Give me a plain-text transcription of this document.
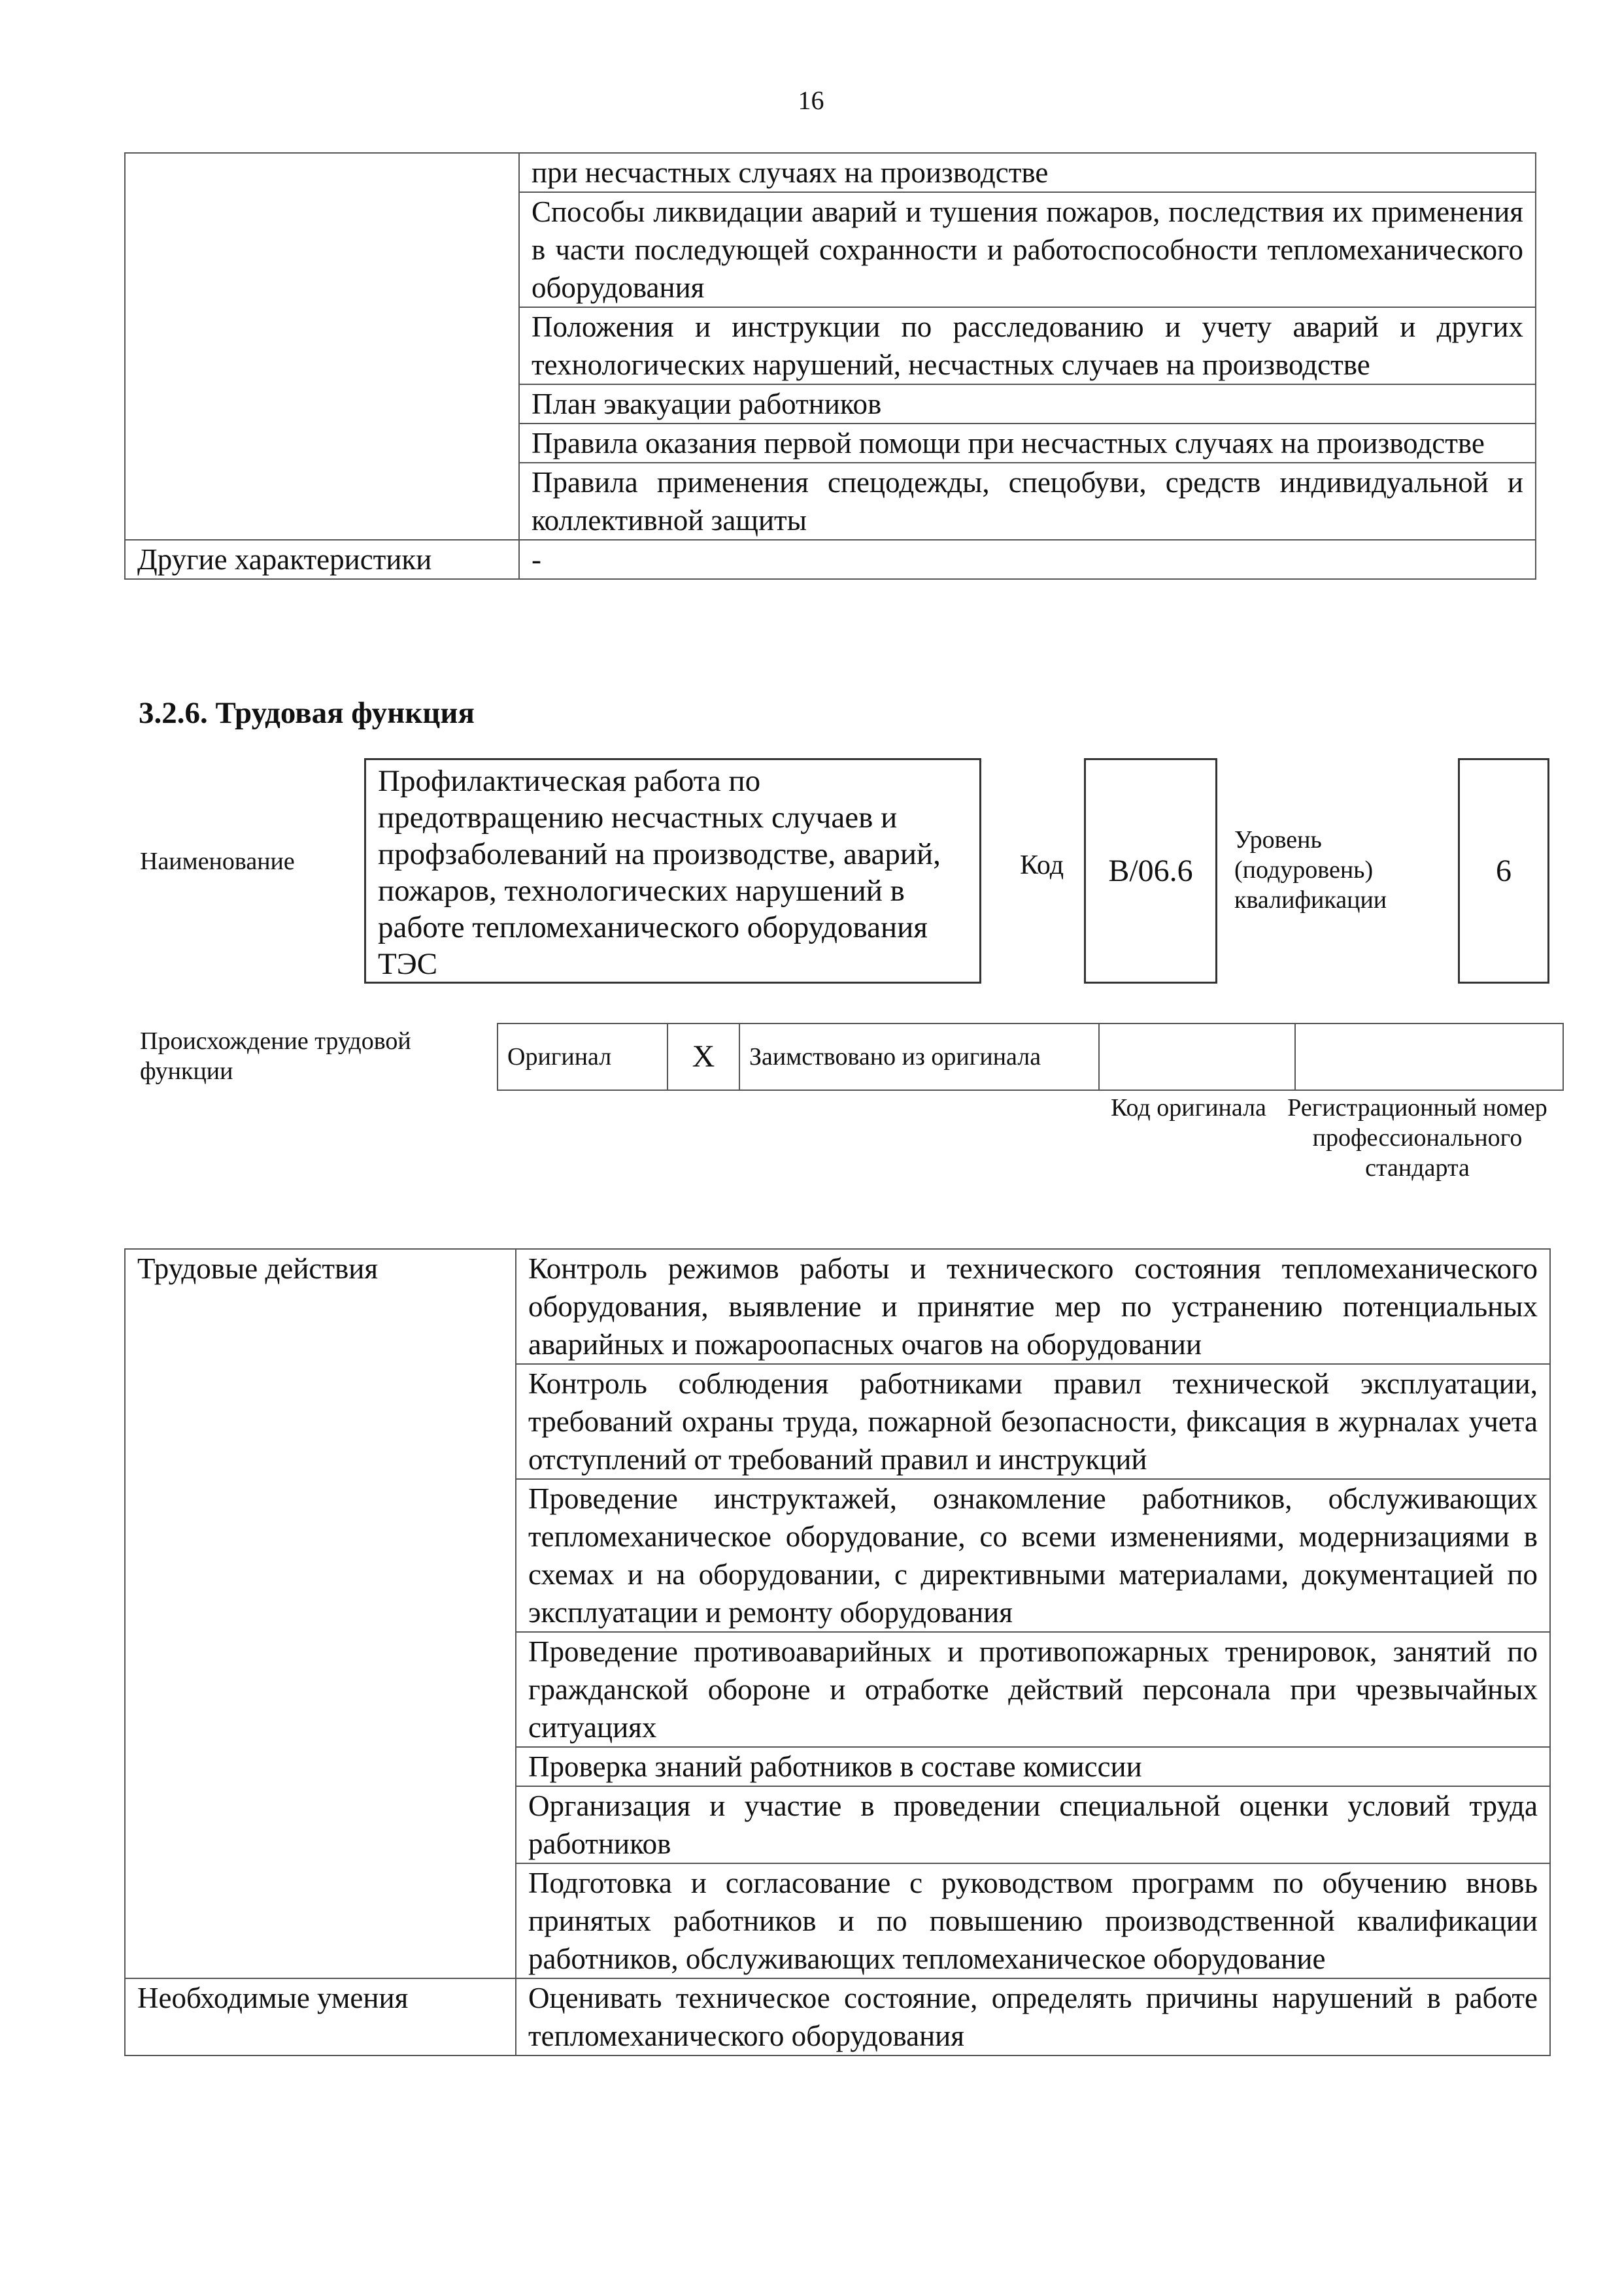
16
	при несчастных случаях на производстве
	Способы ликвидации аварий и тушения пожаров, последствия их применения в части последующей сохранности и работоспособности тепломеханического оборудования
	Положения и инструкции по расследованию и учету аварий и других технологических нарушений, несчастных случаев на производстве
	План эвакуации работников
	Правила оказания первой помощи при несчастных случаях на производстве
	Правила применения спецодежды, спецобуви, средств индивидуальной и коллективной защиты
Другие характеристики	-
3.2.6. Трудовая функция
Наименование
Профилактическая работа по предотвращению несчастных случаев и профзаболеваний на производстве, аварий, пожаров, технологических нарушений в работе тепломеханического оборудования ТЭС
Код	B/06.6
Уровень (подуровень) квалификации
6
Происхождение трудовой функции
Оригинал	X	Заимствовано из оригинала		
Код оригинала Регистрационный номер профессионального стандарта
Трудовые действия	Контроль режимов работы и технического состояния тепломеханического оборудования, выявление и принятие мер по устранению потенциальных аварийных и пожароопасных очагов на оборудовании
	Контроль соблюдения работниками правил технической эксплуатации, требований охраны труда, пожарной безопасности, фиксация в журналах учета отступлений от требований правил и инструкций
	Проведение инструктажей, ознакомление работников, обслуживающих тепломеханическое оборудование, со всеми изменениями, модернизациями в схемах и на оборудовании, с директивными материалами, документацией по эксплуатации и ремонту оборудования
	Проведение противоаварийных и противопожарных тренировок, занятий по гражданской обороне и отработке действий персонала при чрезвычайных ситуациях
	Проверка знаний работников в составе комиссии
	Организация и участие в проведении специальной оценки условий труда работников
	Подготовка и согласование с руководством программ по обучению вновь принятых работников и по повышению производственной квалификации работников, обслуживающих тепломеханическое оборудование
Необходимые умения	Оценивать техническое состояние, определять причины нарушений в работе тепломеханического оборудования
